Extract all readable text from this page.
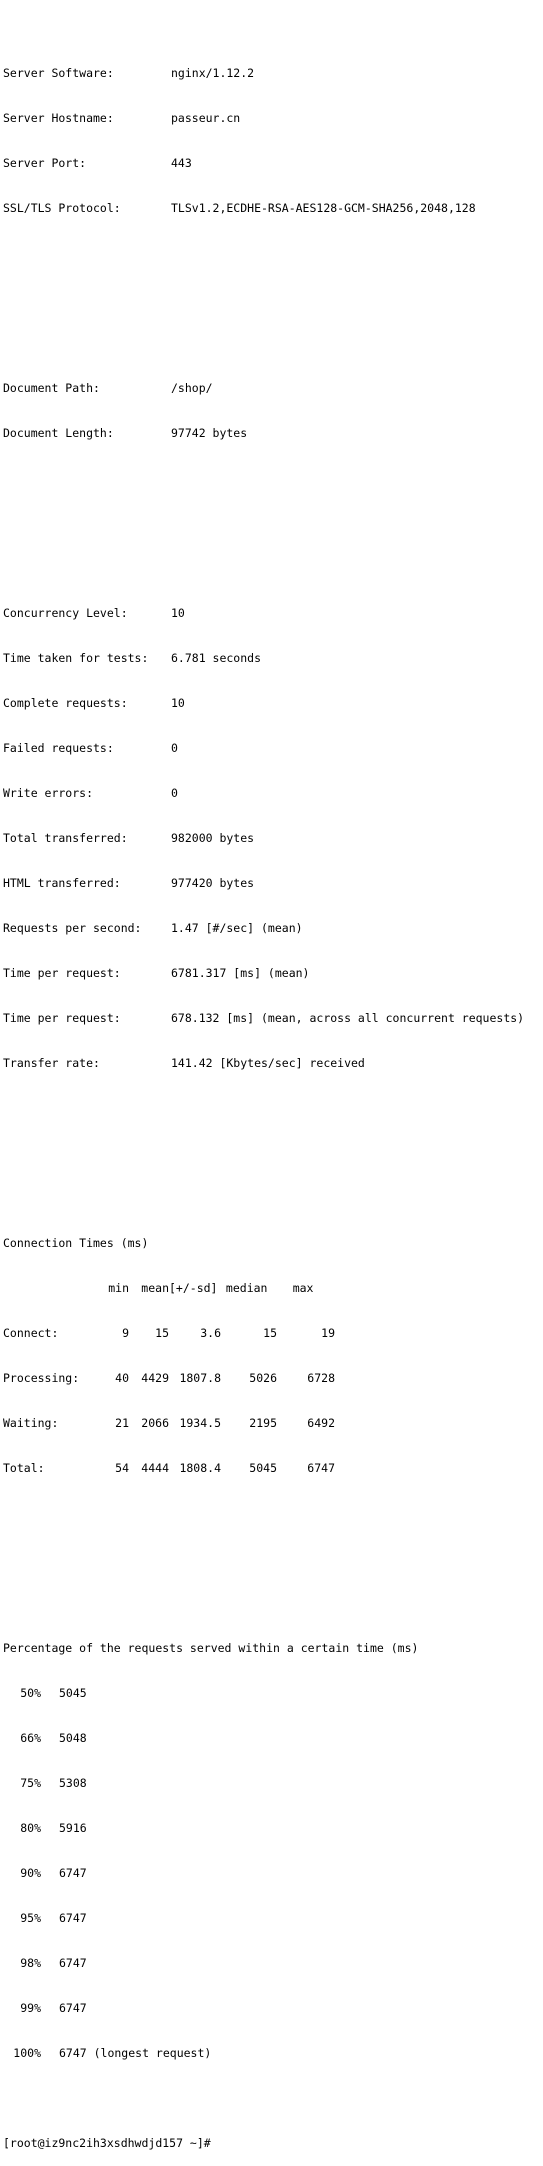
Server Software:	nginx/1.12.2

Server Hostname:	passeur.cn

Server Port:	443

SSL/TLS Protocol:	TLSv1.2,ECDHE-RSA-AES128-GCM-SHA256,2048,128

Document Path:	/shop/

Document Length:	97742 bytes

Concurrency Level:	10

Time taken for tests: 6.781 seconds

Complete requests:	10

Failed requests:	0

Write errors:	0

Total transferred:	982000 bytes

HTML transferred:	977420 bytes

Requests per second:	1.47 [#/sec] (mean)

Time per request:	6781.317 [ms] (mean)

Time per request:	678.132 [ms] (mean, across all concurrent requests)

Transfer rate:	141.42 [Kbytes/sec] received

Connection Times (ms)

min mean[+/-sd] median max

Connect:	9 15	3.6	15	19

Processing:	40 4429 1807.8 5026	6728

Waiting:	21 2066 1934.5 2195	6492

Total:	54 4444 1808.4 5045	6747

Percentage of the requests served within a certain time (ms)

50% 5045

66% 5048

75% 5308

80% 5916

90% 6747

95% 6747

98% 6747

99% 6747

100% 6747 (longest request)

[root@iz9nc2ih3xsdhwdjd157 ~]#
